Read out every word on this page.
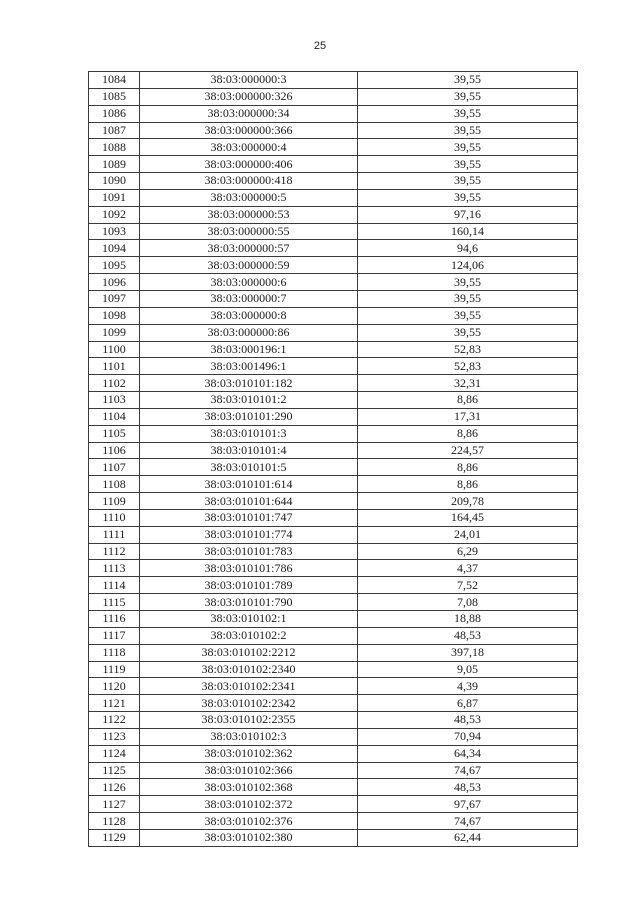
25
1084	38:03:000000:3	39,55
1085	38:03:000000:326	39,55
1086	38:03:000000:34	39,55
1087	38:03:000000:366	39,55
1088	38:03:000000:4	39,55
1089	38:03:000000:406	39,55
1090	38:03:000000:418	39,55
1091	38:03:000000:5	39,55
1092	38:03:000000:53	97,16
1093	38:03:000000:55	160,14
1094	38:03:000000:57	94,6
1095	38:03:000000:59	124,06
1096	38:03:000000:6	39,55
1097	38:03:000000:7	39,55
1098	38:03:000000:8	39,55
1099	38:03:000000:86	39,55
1100	38:03:000196:1	52,83
1101	38:03:001496:1	52,83
1102	38:03:010101:182	32,31
1103	38:03:010101:2	8,86
1104	38:03:010101:290	17,31
1105	38:03:010101:3	8,86
1106	38:03:010101:4	224,57
1107	38:03:010101:5	8,86
1108	38:03:010101:614	8,86
1109	38:03:010101:644	209,78
1110	38:03:010101:747	164,45
1111	38:03:010101:774	24,01
1112	38:03:010101:783	6,29
1113	38:03:010101:786	4,37
1114	38:03:010101:789	7,52
1115	38:03:010101:790	7,08
1116	38:03:010102:1	18,88
1117	38:03:010102:2	48,53
1118	38:03:010102:2212	397,18
1119	38:03:010102:2340	9,05
1120	38:03:010102:2341	4,39
1121	38:03:010102:2342	6,87
1122	38:03:010102:2355	48,53
1123	38:03:010102:3	70,94
1124	38:03:010102:362	64,34
1125	38:03:010102:366	74,67
1126	38:03:010102:368	48,53
1127	38:03:010102:372	97,67
1128	38:03:010102:376	74,67
1129	38:03:010102:380	62,44
